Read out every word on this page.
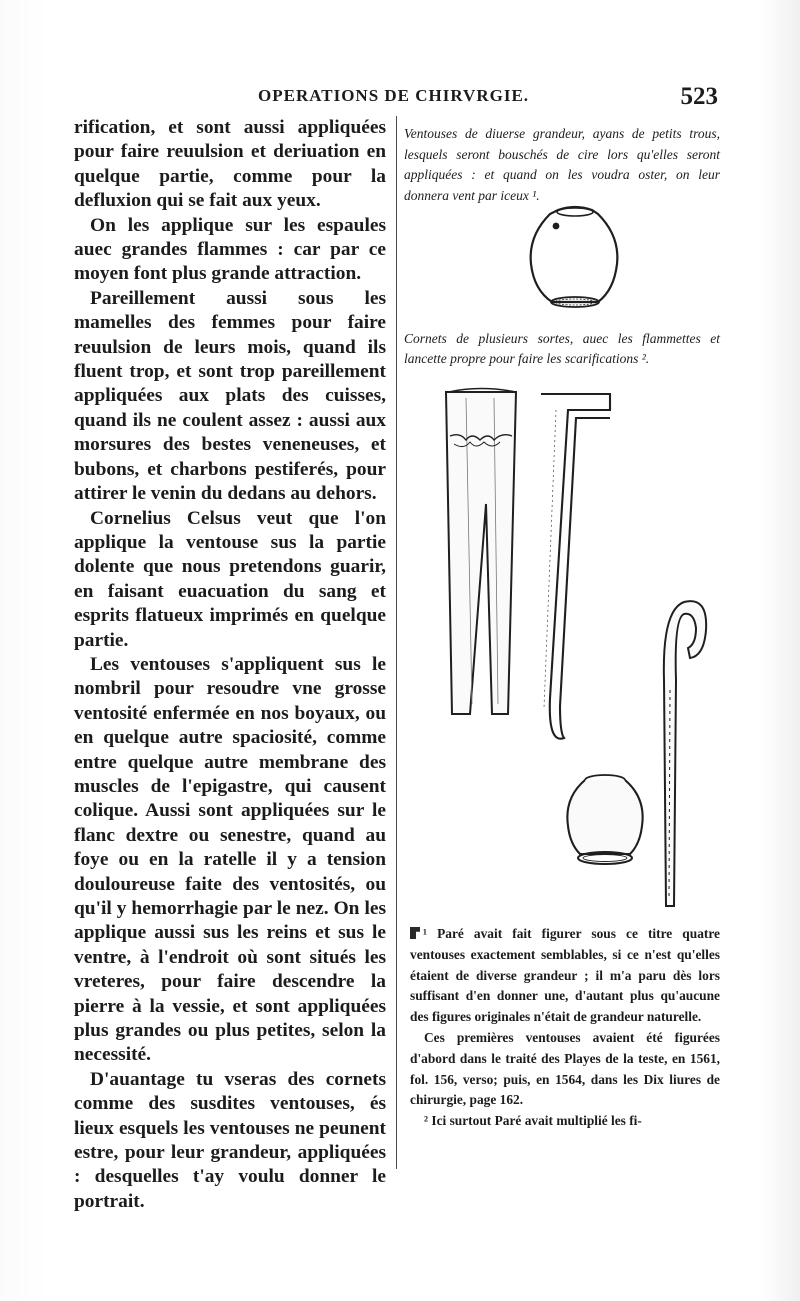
OPERATIONS DE CHIRVRGIE.	523

rification, et sont aussi appliquées pour faire reuulsion et deriuation en quelque partie, comme pour la defluxion qui se fait aux yeux.

On les applique sur les espaules auec grandes flammes : car par ce moyen font plus grande attraction.

Pareillement aussi sous les mamelles des femmes pour faire reuulsion de leurs mois, quand ils fluent trop, et sont trop pareillement appliquées aux plats des cuisses, quand ils ne coulent assez : aussi aux morsures des bestes veneneuses, et bubons, et charbons pestiferés, pour attirer le venin du dedans au dehors.

Cornelius Celsus veut que l'on applique la ventouse sus la partie dolente que nous pretendons guarir, en faisant euacuation du sang et esprits flatueux imprimés en quelque partie.

Les ventouses s'appliquent sus le nombril pour resoudre vne grosse ventosité enfermée en nos boyaux, ou en quelque autre spaciosité, comme entre quelque autre membrane des muscles de l'epigastre, qui causent colique. Aussi sont appliquées sur le flanc dextre ou senestre, quand au foye ou en la ratelle il y a tension douloureuse faite des ventosités, ou qu'il y hemorrhagie par le nez. On les applique aussi sus les reins et sus le ventre, à l'endroit où sont situés les vreteres, pour faire descendre la pierre à la vessie, et sont appliquées plus grandes ou plus petites, selon la necessité.

D'auantage tu vseras des cornets comme des susdites ventouses, és lieux esquels les ventouses ne peunent estre, pour leur grandeur, appliquées : desquelles t'ay voulu donner le portrait.

Ventouses de diuerse grandeur, ayans de petits trous, lesquels seront bouschés de cire lors qu'elles seront appliquées : et quand on les voudra oster, on leur donnera vent par iceux ¹.

Cornets de plusieurs sortes, auec les flammettes et lancette propre pour faire les scarifications ².

¹ Paré avait fait figurer sous ce titre quatre ventouses exactement semblables, si ce n'est qu'elles étaient de diverse grandeur ; il m'a paru dès lors suffisant d'en donner une, d'autant plus qu'aucune des figures originales n'était de grandeur naturelle.

Ces premières ventouses avaient été figurées d'abord dans le traité des Playes de la teste, en 1561, fol. 156, verso; puis, en 1564, dans les Dix liures de chirurgie, page 162.

² Ici surtout Paré avait multiplié les fi-
